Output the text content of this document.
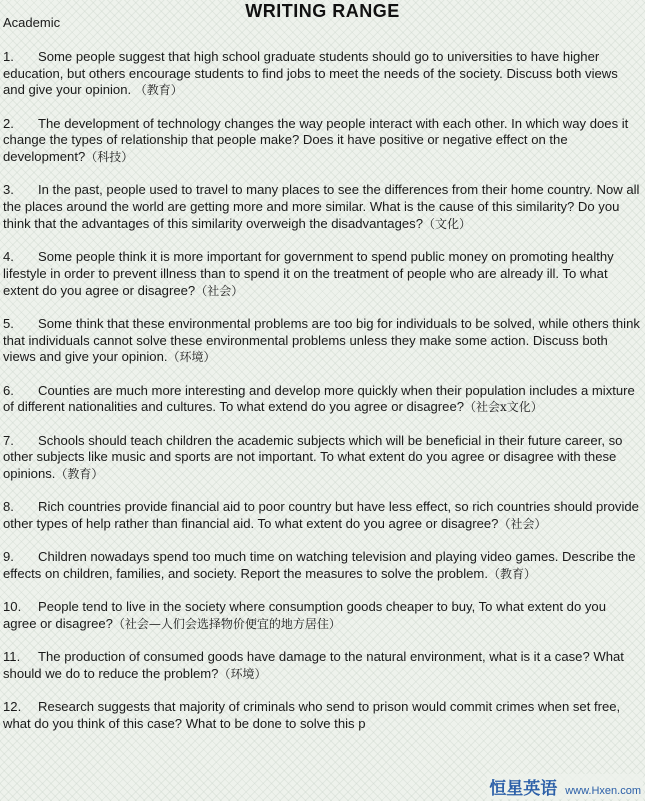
WRITING RANGE
Academic
1. Some people suggest that high school graduate students should go to universities to have higher education, but others encourage students to find jobs to meet the needs of the society. Discuss both views and give your opinion. （教育）
2. The development of technology changes the way people interact with each other. In which way does it change the types of relationship that people make? Does it have positive or negative effect on the development?（科技）
3. In the past, people used to travel to many places to see the differences from their home country. Now all the places around the world are getting more and more similar. What is the cause of this similarity? Do you think that the advantages of this similarity overweigh the disadvantages?（文化）
4. Some people think it is more important for government to spend public money on promoting healthy lifestyle in order to prevent illness than to spend it on the treatment of people who are already ill. To what extent do you agree or disagree?（社会）
5. Some think that these environmental problems are too big for individuals to be solved, while others think that individuals cannot solve these environmental problems unless they make some action. Discuss both views and give your opinion.（环境）
6. Counties are much more interesting and develop more quickly when their population includes a mixture of different nationalities and cultures. To what extend do you agree or disagree?（社会x文化）
7. Schools should teach children the academic subjects which will be beneficial in their future career, so other subjects like music and sports are not important. To what extent do you agree or disagree with these opinions.（教育）
8. Rich countries provide financial aid to poor country but have less effect, so rich countries should provide other types of help rather than financial aid. To what extent do you agree or disagree?（社会）
9. Children nowadays spend too much time on watching television and playing video games. Describe the effects on children, families, and society. Report the measures to solve the problem.（教育）
10. People tend to live in the society where consumption goods cheaper to buy, To what extent do you agree or disagree?（社会—人们会选择物价便宜的地方居住）
11. The production of consumed goods have damage to the natural environment, what is it a case? What should we do to reduce the problem?（环境）
12. Research suggests that majority of criminals who send to prison would commit crimes when set free, what do you think of this case? What to be done to solve this p
恒星英语 www.Hxen.com
